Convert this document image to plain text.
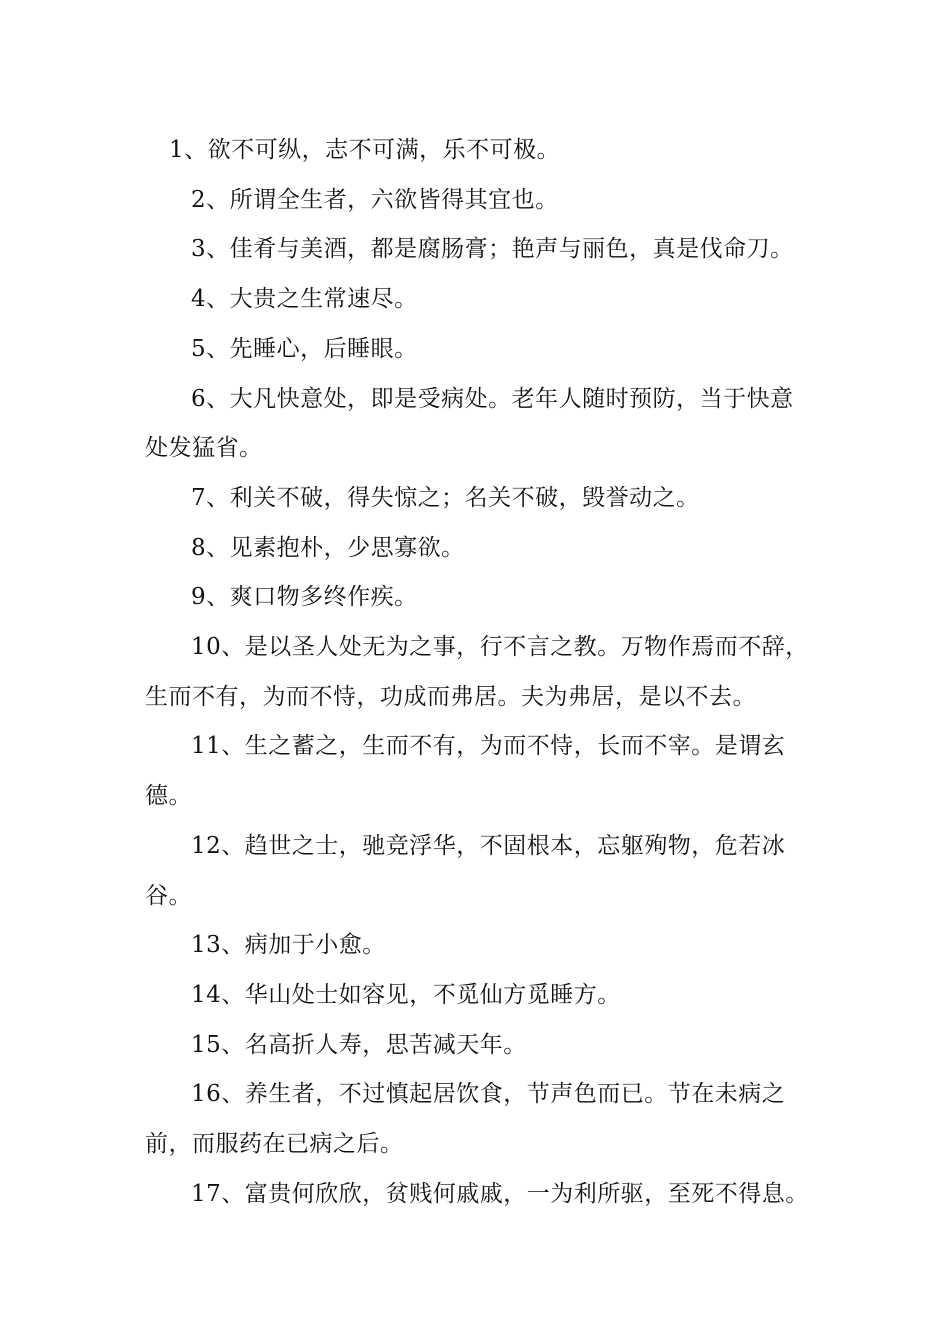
1、欲不可纵，志不可满，乐不可极。

2、所谓全生者，六欲皆得其宜也。

3、佳肴与美酒，都是腐肠膏；艳声与丽色，真是伐命刀。

4、大贵之生常速尽。

5、先睡心，后睡眼。

6、大凡快意处，即是受病处。老年人随时预防，当于快意处发猛省。

7、利关不破，得失惊之；名关不破，毁誉动之。

8、见素抱朴，少思寡欲。

9、爽口物多终作疾。

10、是以圣人处无为之事，行不言之教。万物作焉而不辞，生而不有，为而不恃，功成而弗居。夫为弗居，是以不去。

11、生之蓄之，生而不有，为而不恃，长而不宰。是谓玄德。

12、趋世之士，驰竞浮华，不固根本，忘躯殉物，危若冰谷。

13、病加于小愈。

14、华山处士如容见，不觅仙方觅睡方。

15、名高折人寿，思苦减天年。

16、养生者，不过慎起居饮食，节声色而已。节在未病之前，而服药在已病之后。

17、富贵何欣欣，贫贱何戚戚，一为利所驱，至死不得息。
